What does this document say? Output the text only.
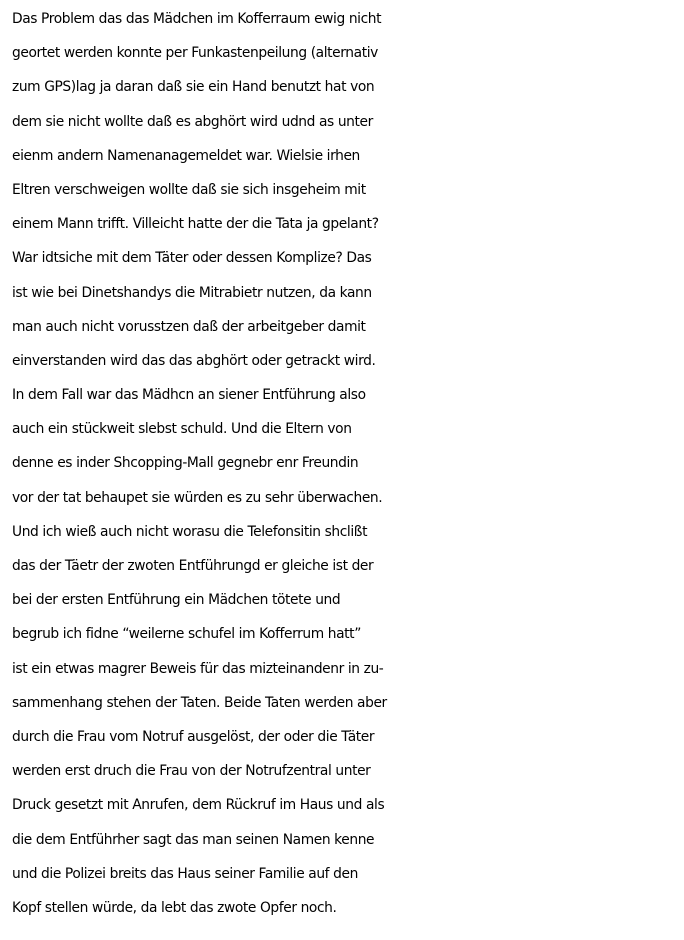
Das Problem das das Mädchen im Kofferraum ewig nicht
geortet werden konnte per Funkastenpeilung (alternativ
zum GPS)lag ja daran daß sie ein Hand benutzt hat von
dem sie nicht wollte daß es abghört wird udnd as unter
eienm andern Namenanagemeldet war. Wielsie irhen
Eltren verschweigen wollte daß sie sich insgeheim mit
einem Mann trifft. Villeicht hatte der die Tata ja gpelant?
War idtsiche mit dem Täter oder dessen Komplize? Das
ist wie bei Dinetshandys die Mitrabietr nutzen, da kann
man auch nicht vorusstzen daß der arbeitgeber damit
einverstanden wird das das abghört oder getrackt wird.
In dem Fall war das Mädhcn an siener Entführung also
auch ein stückweit slebst schuld. Und die Eltern von
denne es inder Shcopping-Mall gegnebr enr Freundin
vor der tat behaupet sie würden es zu sehr überwachen.
Und ich wieß auch nicht worasu die Telefonsitin shclißt
das der Täetr der zwoten Entführungd er gleiche ist der
bei der ersten Entführung ein Mädchen tötete und
begrub ich fidne “weilerne schufel im Kofferrum hatt”
ist ein etwas magrer Beweis für das mizteinandenr in zu-
sammenhang stehen der Taten. Beide Taten werden aber
durch die Frau vom Notruf ausgelöst, der oder die Täter
werden erst druch die Frau von der Notrufzentral unter
Druck gesetzt mit Anrufen, dem Rückruf im Haus und als
die dem Entführher sagt das man seinen Namen kenne
und die Polizei breits das Haus seiner Familie auf den
Kopf stellen würde, da lebt das zwote Opfer noch.
